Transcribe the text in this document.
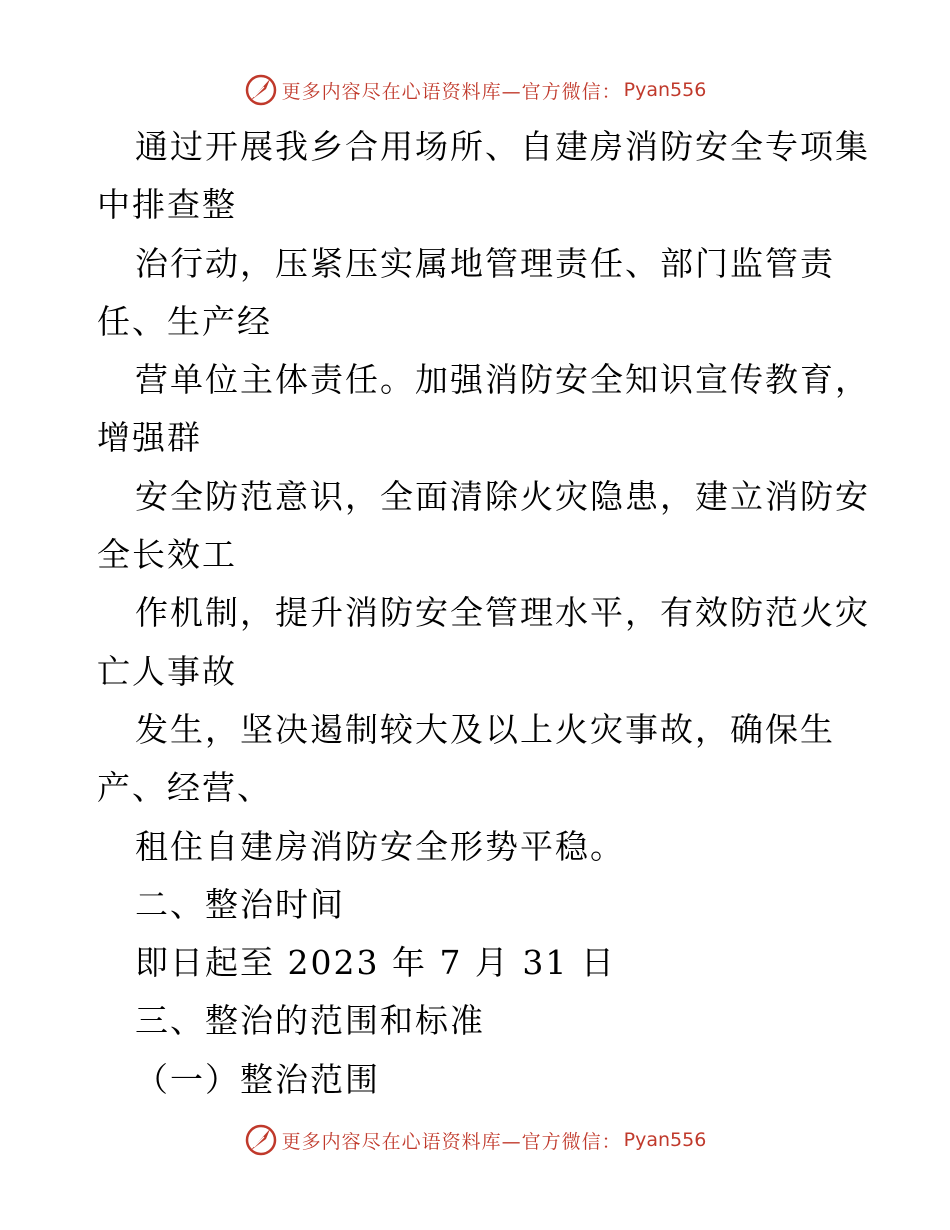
更多内容尽在心语资料库—官方微信： Pyan556
通过开展我乡合用场所、自建房消防安全专项集
中排查整
治行动，压紧压实属地管理责任、部门监管责
任、生产经
营单位主体责任。加强消防安全知识宣传教育，
增强群
安全防范意识，全面清除火灾隐患，建立消防安
全长效工
作机制，提升消防安全管理水平，有效防范火灾
亡人事故
发生，坚决遏制较大及以上火灾事故，确保生
产、经营、
租住自建房消防安全形势平稳。
二、整治时间
即日起至 2023 年 7 月 31 日
三、整治的范围和标准
（一）整治范围
更多内容尽在心语资料库—官方微信： Pyan556
